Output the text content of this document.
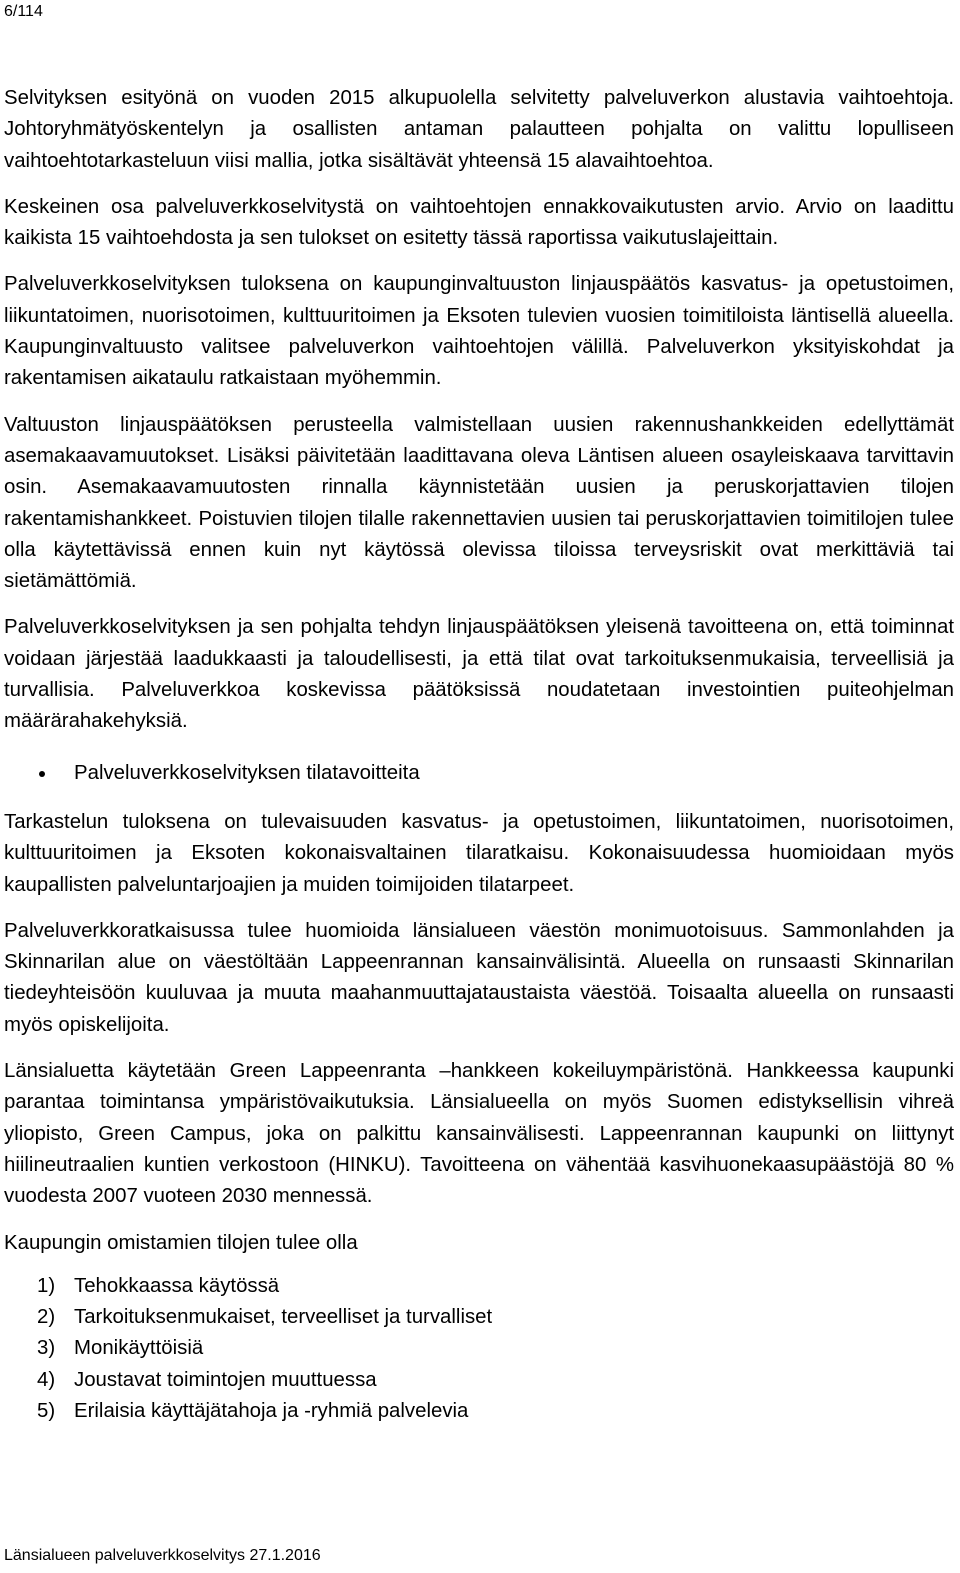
6/114

Selvityksen esityönä on vuoden 2015 alkupuolella selvitetty palveluverkon alustavia vaihtoehtoja. Johtoryhmätyöskentelyn ja osallisten antaman palautteen pohjalta on valittu lopulliseen vaihtoehtotarkasteluun viisi mallia, jotka sisältävät yhteensä 15 alavaihtoehtoa.

Keskeinen osa palveluverkkoselvitystä on vaihtoehtojen ennakkovaikutusten arvio. Arvio on laadittu kaikista 15 vaihtoehdosta ja sen tulokset on esitetty tässä raportissa vaikutuslajeittain.

Palveluverkkoselvityksen tuloksena on kaupunginvaltuuston linjauspäätös kasvatus- ja opetustoimen, liikuntatoimen, nuorisotoimen, kulttuuritoimen ja Eksoten tulevien vuosien toimitiloista läntisellä alueella. Kaupunginvaltuusto valitsee palveluverkon vaihtoehtojen välillä. Palveluverkon yksityiskohdat ja rakentamisen aikataulu ratkaistaan myöhemmin.

Valtuuston linjauspäätöksen perusteella valmistellaan uusien rakennushankkeiden edellyttämät asemakaavamuutokset. Lisäksi päivitetään laadittavana oleva Läntisen alueen osayleiskaava tarvittavin osin. Asemakaavamuutosten rinnalla käynnistetään uusien ja peruskorjattavien tilojen rakentamishankkeet. Poistuvien tilojen tilalle rakennettavien uusien tai peruskorjattavien toimitilojen tulee olla käytettävissä ennen kuin nyt käytössä olevissa tiloissa terveysriskit ovat merkittäviä tai sietämättömiä.

Palveluverkkoselvityksen ja sen pohjalta tehdyn linjauspäätöksen yleisenä tavoitteena on, että toiminnat voidaan järjestää laadukkaasti ja taloudellisesti, ja että tilat ovat tarkoituksenmukaisia, terveellisiä ja turvallisia. Palveluverkkoa koskevissa päätöksissä noudatetaan investointien puiteohjelman määrärahakehyksiä.

Palveluverkkoselvityksen tilatavoitteita

Tarkastelun tuloksena on tulevaisuuden kasvatus- ja opetustoimen, liikuntatoimen, nuorisotoimen, kulttuuritoimen ja Eksoten kokonaisvaltainen tilaratkaisu. Kokonaisuudessa huomioidaan myös kaupallisten palveluntarjoajien ja muiden toimijoiden tilatarpeet.

Palveluverkkoratkaisussa tulee huomioida länsialueen väestön monimuotoisuus. Sammonlahden ja Skinnarilan alue on väestöltään Lappeenrannan kansainvälisintä. Alueella on runsaasti Skinnarilan tiedeyhteisöön kuuluvaa ja muuta maahanmuuttajataustaista väestöä. Toisaalta alueella on runsaasti myös opiskelijoita.

Länsialuetta käytetään Green Lappeenranta –hankkeen kokeiluympäristönä. Hankkeessa kaupunki parantaa toimintansa ympäristövaikutuksia. Länsialueella on myös Suomen edistyksellisin vihreä yliopisto, Green Campus, joka on palkittu kansainvälisesti. Lappeenrannan kaupunki on liittynyt hiilineutraalien kuntien verkostoon (HINKU). Tavoitteena on vähentää kasvihuonekaasupäästöjä 80 % vuodesta 2007 vuoteen 2030 mennessä.

Kaupungin omistamien tilojen tulee olla

1) Tehokkaassa käytössä
2) Tarkoituksenmukaiset, terveelliset ja turvalliset
3) Monikäyttöisiä
4) Joustavat toimintojen muuttuessa
5) Erilaisia käyttäjätahoja ja -ryhmiä palvelevia
Länsialueen palveluverkkoselvitys 27.1.2016
